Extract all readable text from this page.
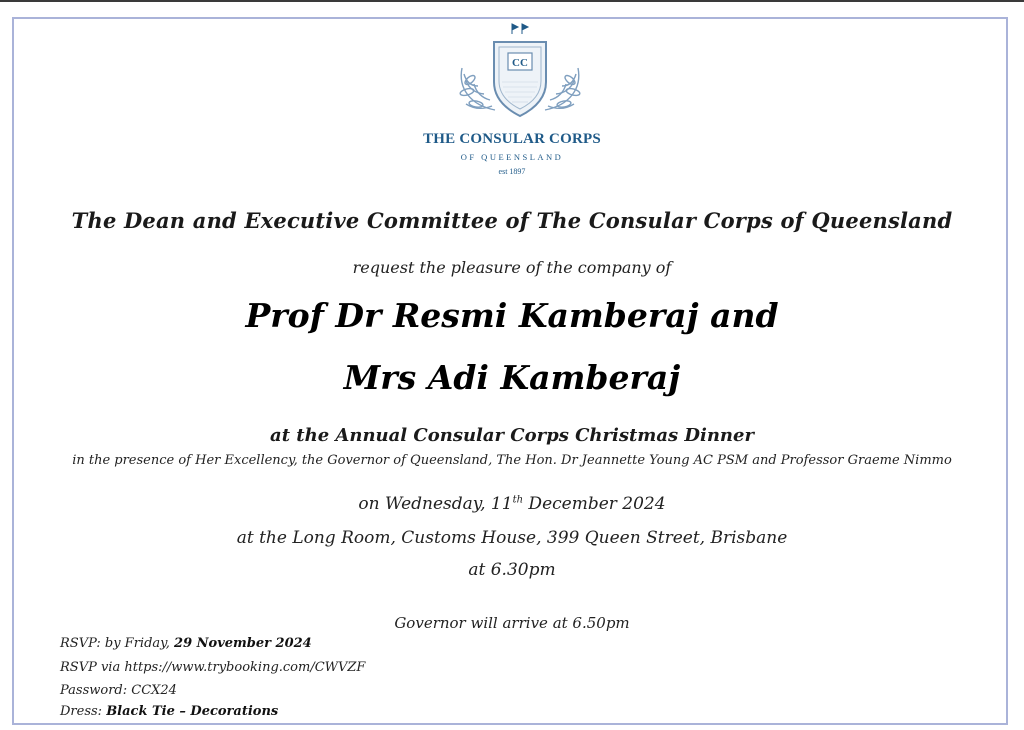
CC
THE CONSULAR CORPS
OF QUEENSLAND
est 1897
The Dean and Executive Committee of The Consular Corps of Queensland
request the pleasure of the company of
Prof Dr Resmi Kamberaj and
Mrs Adi Kamberaj
at the Annual Consular Corps Christmas Dinner
in the presence of Her Excellency, the Governor of Queensland, The Hon. Dr Jeannette Young AC PSM and Professor Graeme Nimmo
on Wednesday, 11th December 2024
at the Long Room, Customs House, 399 Queen Street, Brisbane
at 6.30pm
Governor will arrive at 6.50pm
RSVP: by Friday, 29 November 2024
RSVP via https://www.trybooking.com/CWVZF
Password: CCX24
Dress: Black Tie – Decorations
